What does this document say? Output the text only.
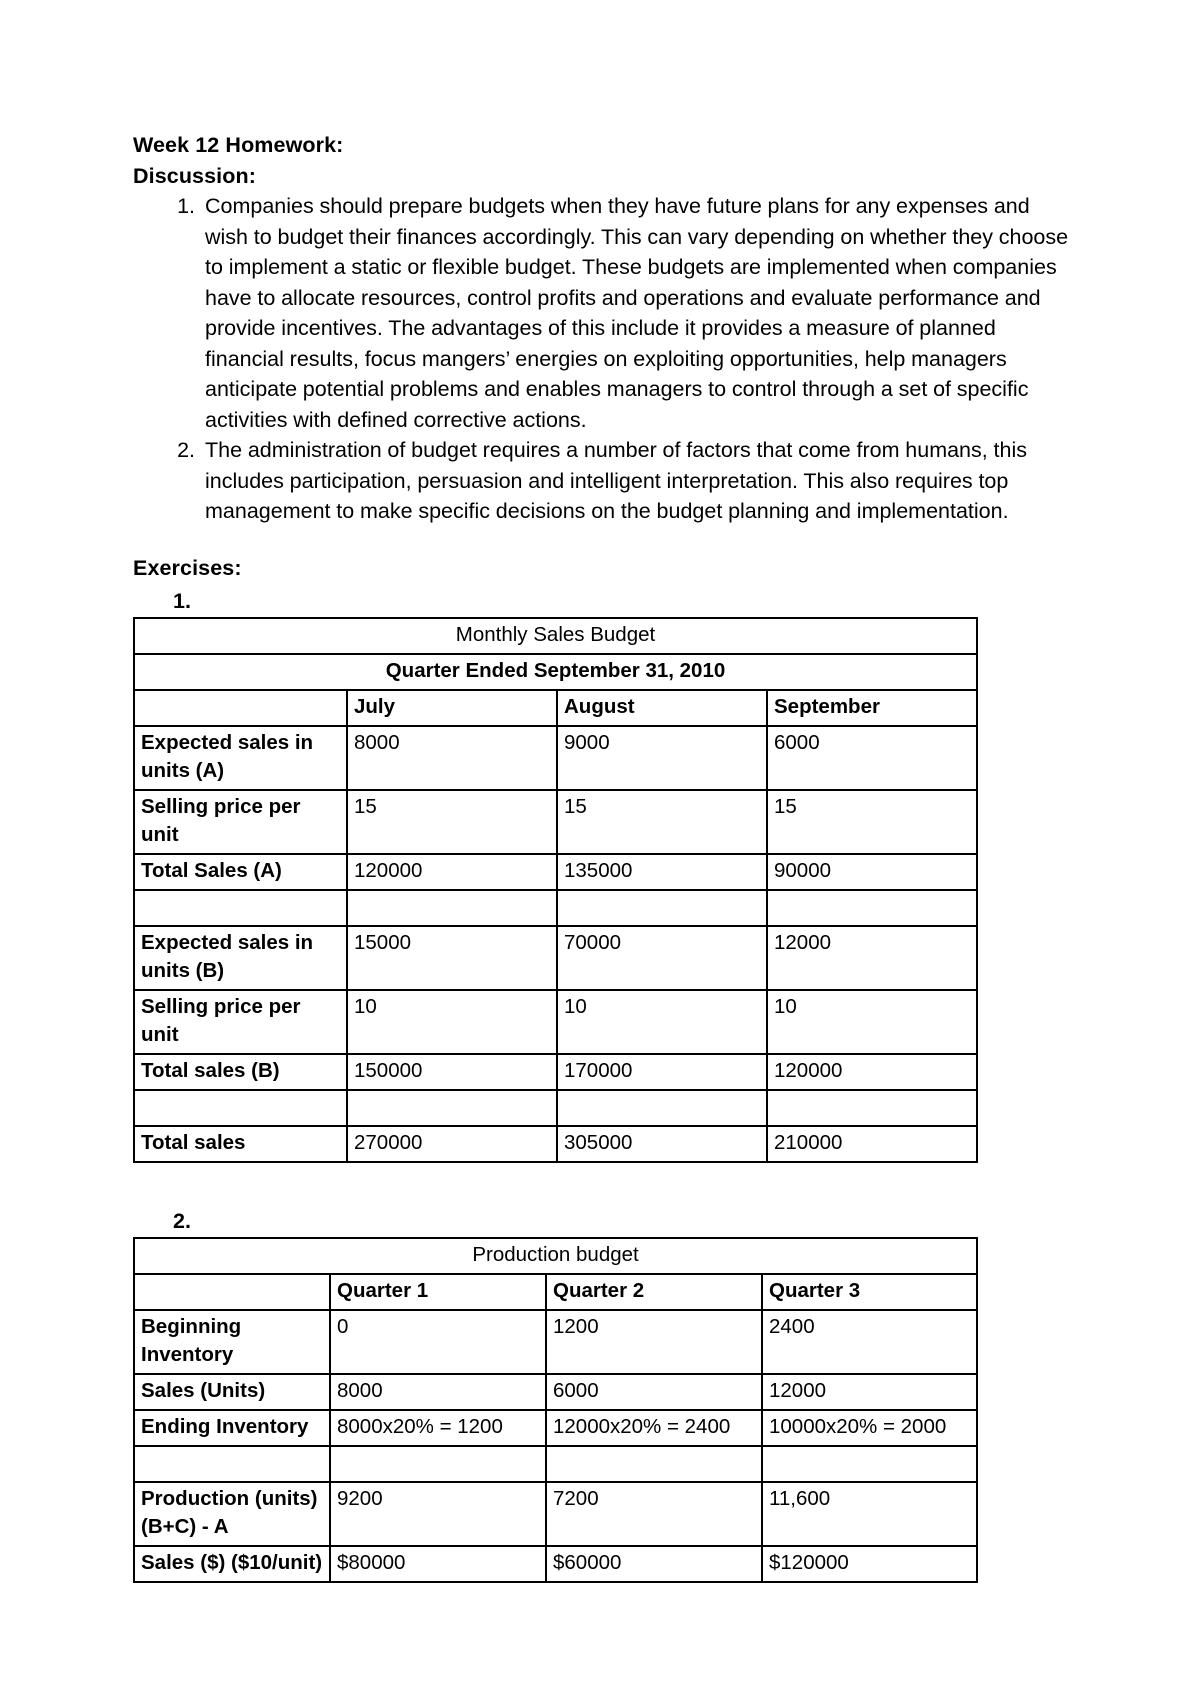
Week 12 Homework:
Discussion:
1. Companies should prepare budgets when they have future plans for any expenses and wish to budget their finances accordingly. This can vary depending on whether they choose to implement a static or flexible budget. These budgets are implemented when companies have to allocate resources, control profits and operations and evaluate performance and provide incentives. The advantages of this include it provides a measure of planned financial results, focus mangers’ energies on exploiting opportunities, help managers anticipate potential problems and enables managers to control through a set of specific activities with defined corrective actions.
2. The administration of budget requires a number of factors that come from humans, this includes participation, persuasion and intelligent interpretation. This also requires top management to make specific decisions on the budget planning and implementation.
Exercises:
1.
Monthly Sales Budget			
Quarter Ended September 31, 2010			
	July	August	September
Expected sales in units (A)	8000	9000	6000
Selling price per unit	15	15	15
Total Sales (A)	120000	135000	90000

Expected sales in units (B)	15000	70000	12000
Selling price per unit	10	10	10
Total sales (B)	150000	170000	120000

Total sales	270000	305000	210000
2.
Production budget			
	Quarter 1	Quarter 2	Quarter 3
Beginning Inventory	0	1200	2400
Sales (Units)	8000	6000	12000
Ending Inventory	8000x20% = 1200	12000x20% = 2400	10000x20% = 2000

Production (units) (B+C) - A	9200	7200	11,600
Sales ($) ($10/unit)	$80000	$60000	$120000
